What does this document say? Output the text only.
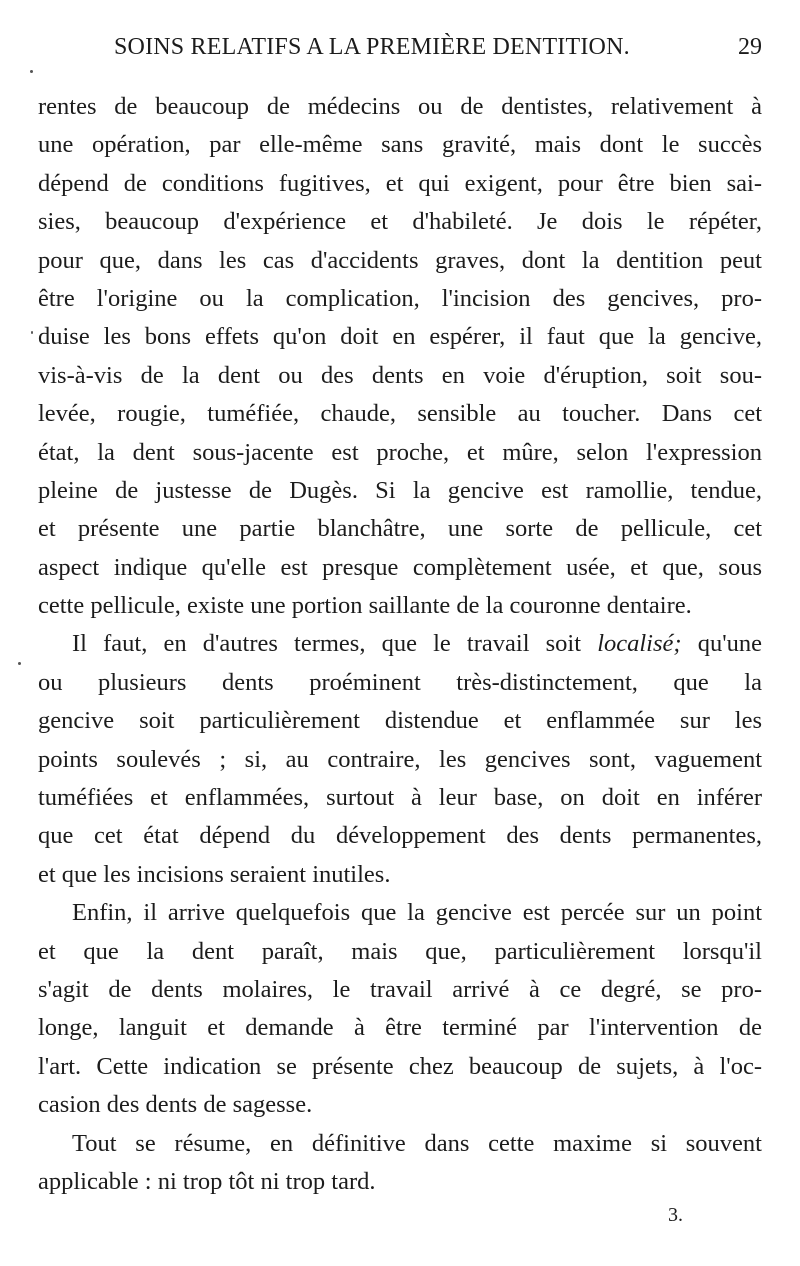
SOINS RELATIFS A LA PREMIÈRE DENTITION.	29
rentes de beaucoup de médecins ou de dentistes, relativement à
une opération, par elle-même sans gravité, mais dont le succès
dépend de conditions fugitives, et qui exigent, pour être bien sai-
sies, beaucoup d'expérience et d'habileté. Je dois le répéter,
pour que, dans les cas d'accidents graves, dont la dentition peut
être l'origine ou la complication, l'incision des gencives, pro-
duise les bons effets qu'on doit en espérer, il faut que la gencive,
vis-à-vis de la dent ou des dents en voie d'éruption, soit sou-
levée, rougie, tuméfiée, chaude, sensible au toucher. Dans cet
état, la dent sous-jacente est proche, et mûre, selon l'expression
pleine de justesse de Dugès. Si la gencive est ramollie, tendue,
et présente une partie blanchâtre, une sorte de pellicule, cet
aspect indique qu'elle est presque complètement usée, et que, sous
cette pellicule, existe une portion saillante de la couronne dentaire.
Il faut, en d'autres termes, que le travail soit localisé; qu'une
ou plusieurs dents proéminent très-distinctement, que la
gencive soit particulièrement distendue et enflammée sur les
points soulevés ; si, au contraire, les gencives sont, vaguement
tuméfiées et enflammées, surtout à leur base, on doit en inférer
que cet état dépend du développement des dents permanentes,
et que les incisions seraient inutiles.
Enfin, il arrive quelquefois que la gencive est percée sur un point
et que la dent paraît, mais que, particulièrement lorsqu'il
s'agit de dents molaires, le travail arrivé à ce degré, se pro-
longe, languit et demande à être terminé par l'intervention de
l'art. Cette indication se présente chez beaucoup de sujets, à l'oc-
casion des dents de sagesse.
Tout se résume, en définitive dans cette maxime si souvent
applicable : ni trop tôt ni trop tard.
3.
